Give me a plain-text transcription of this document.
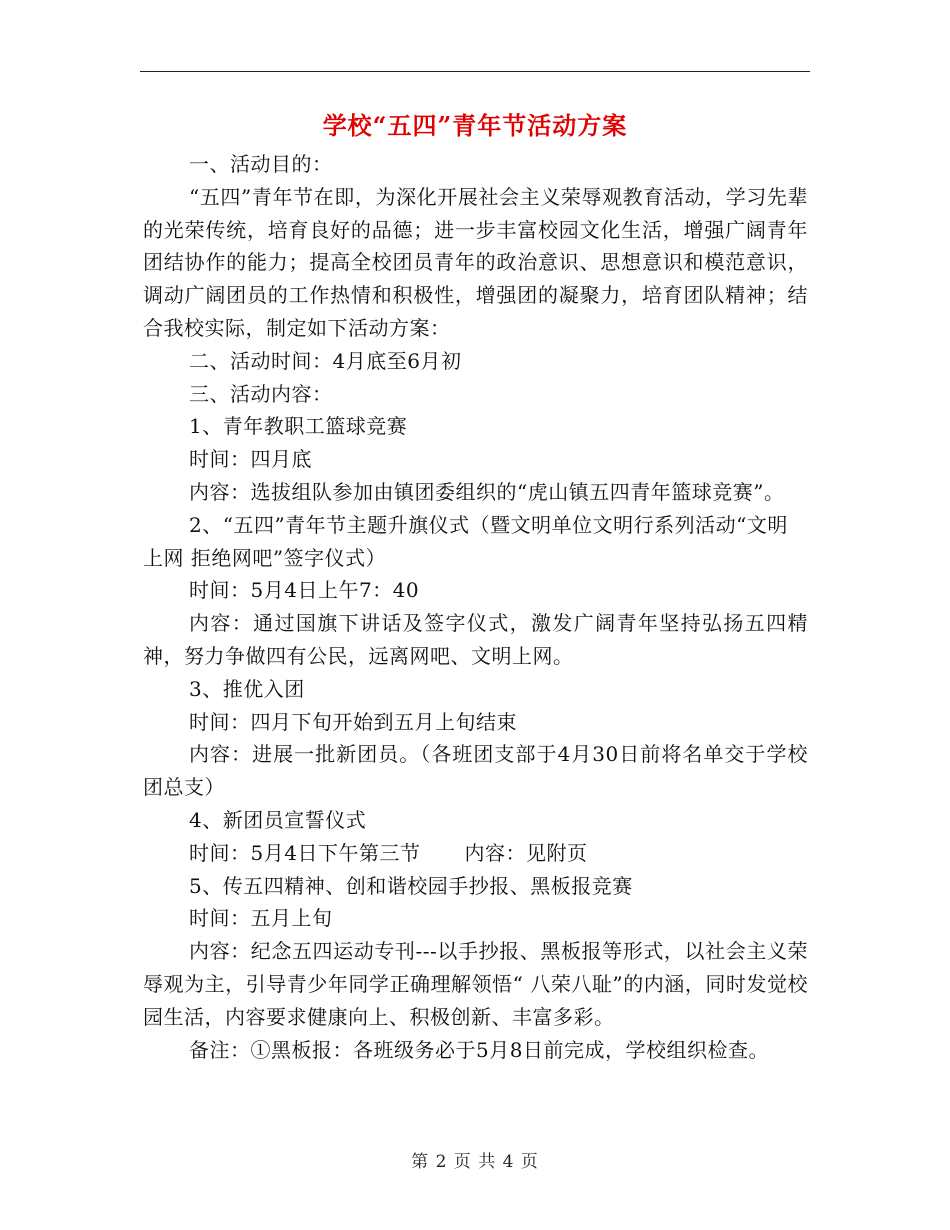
学校“五四”青年节活动方案

一、活动目的：

“五四”青年节在即，为深化开展社会主义荣辱观教育活动，学习先辈的光荣传统，培育良好的品德；进一步丰富校园文化生活，增强广阔青年团结协作的能力；提高全校团员青年的政治意识、思想意识和模范意识，调动广阔团员的工作热情和积极性，增强团的凝聚力，培育团队精神；结合我校实际，制定如下活动方案：

二、活动时间：4月底至6月初

三、活动内容：

1、青年教职工篮球竞赛

时间：四月底

内容：选拔组队参加由镇团委组织的“虎山镇五四青年篮球竞赛”。

2、“五四”青年节主题升旗仪式（暨文明单位文明行系列活动“文明上网 拒绝网吧”签字仪式）

时间：5月4日上午7：40

内容：通过国旗下讲话及签字仪式，激发广阔青年坚持弘扬五四精神，努力争做四有公民，远离网吧、文明上网。

3、推优入团

时间：四月下旬开始到五月上旬结束

内容：进展一批新团员。（各班团支部于4月30日前将名单交于学校团总支）

4、新团员宣誓仪式

时间：5月4日下午第三节 内容：见附页

5、传五四精神、创和谐校园手抄报、黑板报竞赛

时间：五月上旬

内容：纪念五四运动专刊---以手抄报、黑板报等形式，以社会主义荣辱观为主，引导青少年同学正确理解领悟“ 八荣八耻”的内涵，同时发觉校园生活，内容要求健康向上、积极创新、丰富多彩。

备注：①黑板报：各班级务必于5月8日前完成，学校组织检查。

第 2 页 共 4 页
